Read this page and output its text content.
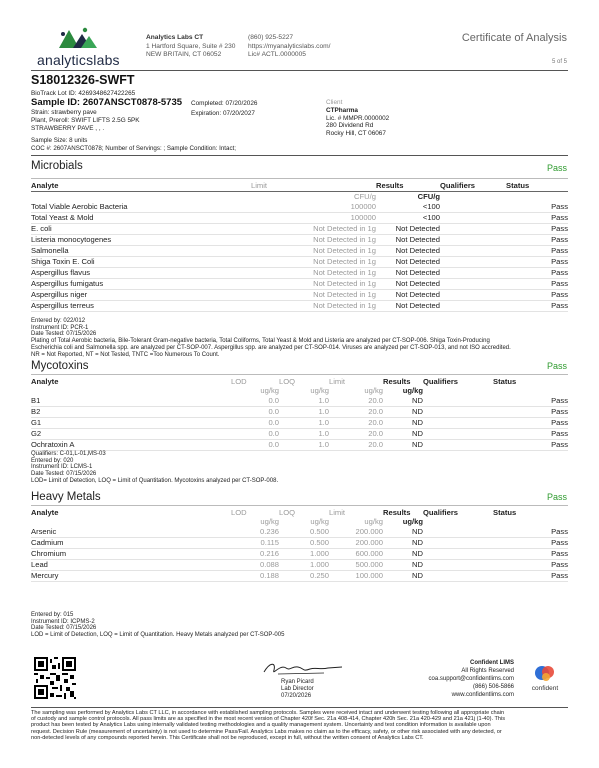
analyticslabs
Analytics Labs CT
1 Hartford Square, Suite # 230
NEW BRITAIN, CT 06052
(860) 925-5227
https://myanalyticslabs.com/
Lic# ACTL.0000005
Certificate of Analysis
5 of 5
S18012326-SWFT
BioTrack Lot ID: 4269348627422265
Sample ID: 2607ANSCT0878-5735
Strain: strawberry pave
Plant, Preroll: SWIFT LIFTS 2.5G 5PK
STRAWBERRY PAVE , , .
Completed: 07/20/2026
Expiration: 07/20/2027
Sample Size: 8 units
COC #: 2607ANSCT0878; Number of Servings: ; Sample Condition: Intact;
Client
CTPharma
Lic. # MMPR.0000002
280 Dividend Rd
Rocky Hill, CT 06067
Microbials	Pass
Analyte	Limit	Results	Qualifiers	Status
	CFU/g	CFU/g		
Total Viable Aerobic Bacteria	100000	<100		Pass
Total Yeast & Mold	100000	<100		Pass
E. coli	Not Detected in 1g	Not Detected		Pass
Listeria monocytogenes	Not Detected in 1g	Not Detected		Pass
Salmonella	Not Detected in 1g	Not Detected		Pass
Shiga Toxin E. Coli	Not Detected in 1g	Not Detected		Pass
Aspergillus flavus	Not Detected in 1g	Not Detected		Pass
Aspergillus fumigatus	Not Detected in 1g	Not Detected		Pass
Aspergillus niger	Not Detected in 1g	Not Detected		Pass
Aspergillus terreus	Not Detected in 1g	Not Detected		Pass
Entered by: 022/012
Instrument ID: PCR-1
Date Tested: 07/15/2026
Plating of Total Aerobic bacteria, Bile-Tolerant Gram-negative bacteria, Total Coliforms, Total Yeast & Mold and Listeria are analyzed per CT-SOP-006. Shiga Toxin-Producing
Escherichia coli and Salmonella spp. are analyzed per CT-SOP-007. Aspergillus spp. are analyzed per CT-SOP-014. Viruses are analyzed per CT-SOP-013, and not ISO accredited.
NR = Not Reported, NT = Not Tested, TNTC =Too Numerous To Count.
Mycotoxins	Pass
Analyte	LOD	LOQ	Limit	Results	Qualifiers	Status
	ug/kg	ug/kg	ug/kg	ug/kg		
B1	0.0	1.0	20.0	ND		Pass
B2	0.0	1.0	20.0	ND		Pass
G1	0.0	1.0	20.0	ND		Pass
G2	0.0	1.0	20.0	ND		Pass
Ochratoxin A	0.0	1.0	20.0	ND		Pass
Qualifiers: C-01,L-01,MS-03
Entered by: 020
Instrument ID: LCMS-1
Date Tested: 07/15/2026
LOD= Limit of Detection, LOQ = Limit of Quantitation. Mycotoxins analyzed per CT-SOP-008.
Heavy Metals	Pass
Analyte	LOD	LOQ	Limit	Results	Qualifiers	Status
	ug/kg	ug/kg	ug/kg	ug/kg		
Arsenic	0.236	0.500	200.000	ND		Pass
Cadmium	0.115	0.500	200.000	ND		Pass
Chromium	0.216	1.000	600.000	ND		Pass
Lead	0.088	1.000	500.000	ND		Pass
Mercury	0.188	0.250	100.000	ND		Pass
Entered by: 015
Instrument ID: ICPMS-2
Date Tested: 07/15/2026
LOD = Limit of Detection, LOQ = Limit of Quantitation. Heavy Metals analyzed per CT-SOP-005
Ryan Picard
Lab Director
07/20/2026
Confident LIMS
All Rights Reserved
coa.support@confidentlims.com
(866) 506-5866
www.confidentlims.com
confident
The sampling was performed by Analytics Labs CT LLC, in accordance with established sampling protocols. Samples were received intact and underwent testing following all appropriate chain
of custody and sample control protocols. All pass limits are as specified in the most recent version of Chapter 420f Sec. 21a 408-414, Chapter 420h Sec. 21a 420-429 and 21a 421j (1-40). This
product has been tested by Analytics Labs using internally validated testing methodologies and a quality management system. Uncertainty and test condition information is available upon
request. Decision Rule (measurement of uncertainty) is not used to determine Pass/Fail. Analytics Labs makes no claim as to the efficacy, safety, or other risk associated with any detected, or
non-detected levels of any compounds reported herein. This Certificate shall not be reproduced, except in full, without the written consent of Analytics Labs CT.
